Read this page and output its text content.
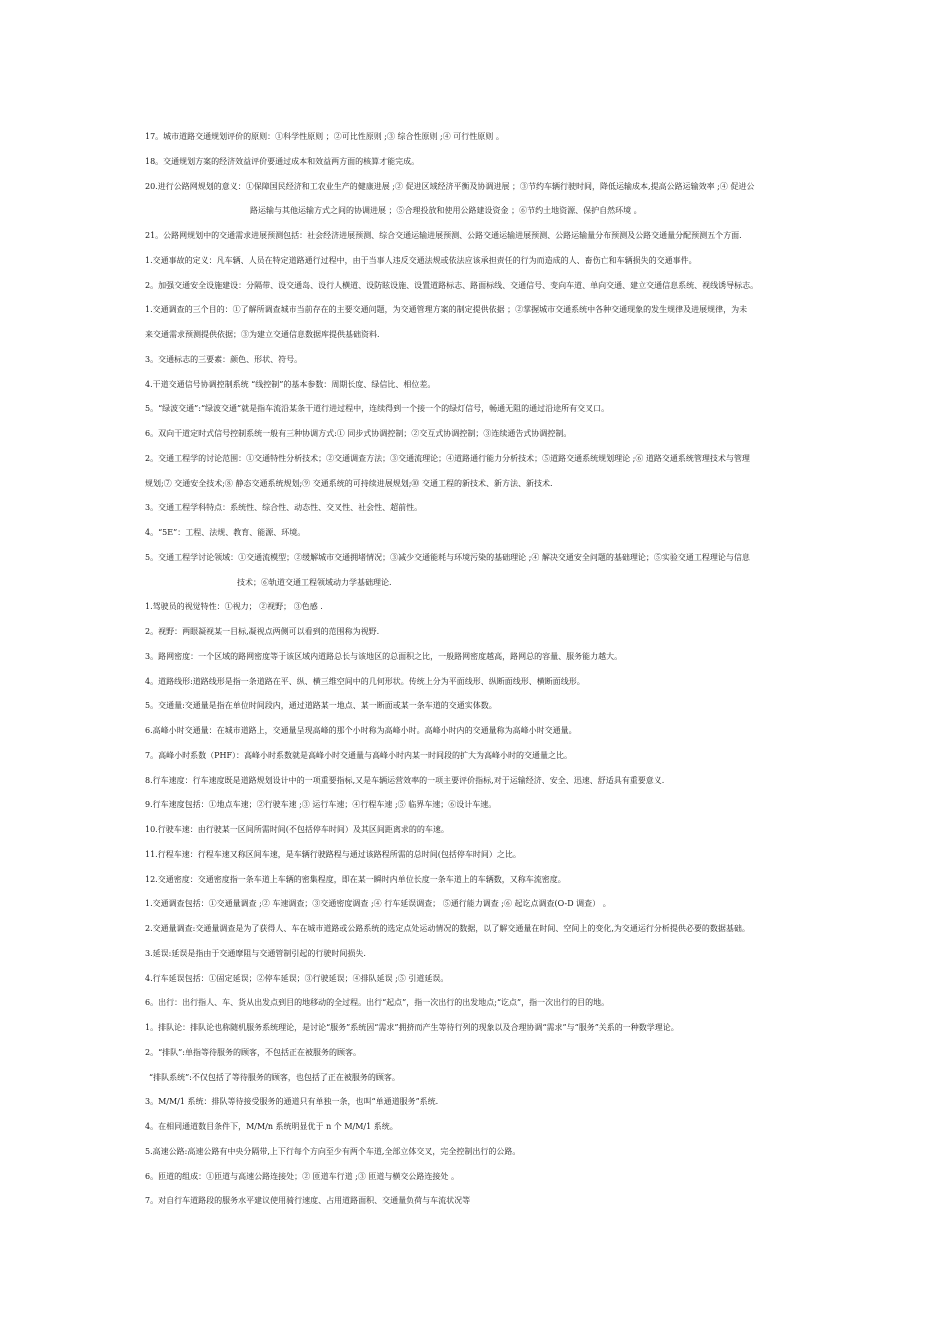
17。城市道路交通规划评价的原则：①科学性原则 ；②可比性原则 ;③ 综合性原则 ;④ 可行性原则 。
18。交通规划方案的经济效益评价要通过成本和效益两方面的核算才能完成。
20.进行公路网规划的意义：①保障国民经济和工农业生产的健康进展 ;② 促进区域经济平衡及协调进展 ；③节约车辆行驶时间，降低运输成本,提高公路运输效率 ;④ 促进公
路运输与其他运输方式之间的协调进展 ；⑤合理投放和使用公路建设资金 ；⑥节约土地资源、保护自然环境 。
21。公路网规划中的交通需求进展预测包括：社会经济进展预测、综合交通运输进展预测、公路交通运输进展预测、公路运输量分布预测及公路交通量分配预测五个方面.
1.交通事故的定义：凡车辆、人员在特定道路通行过程中，由于当事人违反交通法规或依法应该承担责任的行为而造成的人、畜伤亡和车辆损失的交通事件。
2。加强交通安全设施建设：分隔带、设交通岛、设行人横道、设防眩设施、设置道路标志、路面标线、交通信号、变向车道、单向交通、建立交通信息系统、视线诱导标志。
1.交通调查的三个目的：①了解所调查城市当前存在的主要交通问题，为交通管理方案的制定提供依据 ；②掌握城市交通系统中各种交通现象的发生规律及进展规律，为未
来交通需求预测提供依据；③为建立交通信息数据库提供基础资料.
3。交通标志的三要素：颜色、形状、符号。
4.干道交通信号协调控制系统 “线控制”的基本参数：周期长度、绿信比、相位差。
5。“绿波交通”:“绿波交通”就是指车流沿某条干道行进过程中，连续得到一个接一个的绿灯信号，畅通无阻的通过沿途所有交叉口。
6。双向干道定时式信号控制系统一般有三种协调方式:① 同步式协调控制；②交互式协调控制；③连续通告式协调控制。
2。交通工程学的讨论范围：①交通特性分析技术；②交通调查方法；③交通流理论；④道路通行能力分析技术；⑤道路交通系统规划理论 ;⑥ 道路交通系统管理技术与管理
规划;⑦ 交通安全技术;⑧ 静态交通系统规划;⑨ 交通系统的可持续进展规划;⑩ 交通工程的新技术、新方法、新技术.
3。交通工程学科特点：系统性、综合性、动态性、交叉性、社会性、超前性。
4。“5E”：工程、法规、教育、能源、环境。
5。交通工程学讨论领域：①交通流模型；②缓解城市交通拥堵情况；③减少交通能耗与环境污染的基础理论 ;④ 解决交通安全问题的基础理论；⑤实验交通工程理论与信息
技术；⑥轨道交通工程领域动力学基础理论.
1.驾驶员的视觉特性：①视力； ②视野； ③色感 .
2。视野：两眼凝视某一目标,凝视点两侧可以看到的范围称为视野.
3。路网密度：一个区域的路网密度等于该区域内道路总长与该地区的总面积之比，一般路网密度越高，路网总的容量、服务能力越大。
4。道路线形:道路线形是指一条道路在平、纵、横三维空间中的几何形状。传统上分为平面线形、纵断面线形、横断面线形。
5。交通量:交通量是指在单位时间段内，通过道路某一地点、某一断面或某一条车道的交通实体数。
6.高峰小时交通量：在城市道路上，交通量呈现高峰的那个小时称为高峰小时。高峰小时内的交通量称为高峰小时交通量。
7。高峰小时系数（PHF）：高峰小时系数就是高峰小时交通量与高峰小时内某一时间段的扩大为高峰小时的交通量之比。
8.行车速度：行车速度既是道路规划设计中的一项重要指标,又是车辆运营效率的一项主要评价指标,对于运输经济、安全、迅速、舒适具有重要意义.
9.行车速度包括：①地点车速；②行驶车速 ;③ 运行车速；④行程车速 ;⑤ 临界车速；⑥设计车速。
10.行驶车速：由行驶某一区间所需时间(不包括停车时间）及其区间距离求的的车速。
11.行程车速：行程车速又称区间车速，是车辆行驶路程与通过该路程所需的总时间(包括停车时间）之比。
12.交通密度：交通密度指一条车道上车辆的密集程度，即在某一瞬时内单位长度一条车道上的车辆数，又称车流密度。
1.交通调查包括：①交通量调查 ;② 车速调查；③交通密度调查 ;④ 行车延误调查； ⑤通行能力调查 ;⑥ 起讫点调查(O-D 调查） 。
2.交通量调查:交通量调查是为了获得人、车在城市道路或公路系统的选定点处运动情况的数据，以了解交通量在时间、空间上的变化,为交通运行分析提供必要的数据基础。
3.延误:延误是指由于交通摩阻与交通管制引起的行驶时间损失.
4.行车延误包括：①固定延误；②停车延误；③行驶延误；④排队延误 ;⑤ 引道延误。
6。出行：出行指人、车、货从出发点到目的地移动的全过程。出行“起点”，指一次出行的出发地点;“讫点”，指一次出行的目的地。
1。排队论：排队论也称随机服务系统理论，是讨论“服务”系统因“需求”拥挤而产生等待行列的现象以及合理协调“需求”与“服务”关系的一种数学理论。
2。“排队”:单指等待服务的顾客，不包括正在被服务的顾客。
“排队系统”:不仅包括了等待服务的顾客，也包括了正在被服务的顾客。
3。M/M/1 系统：排队等待接受服务的通道只有单独一条，也叫“单通道服务”系统.
4。在相同通道数目条件下，M/M/n 系统明显优于 n 个 M/M/1 系统。
5.高速公路:高速公路有中央分隔带,上下行每个方向至少有两个车道,全部立体交叉，完全控制出行的公路。
6。匝道的组成：①匝道与高速公路连接处；② 匝道车行道 ;③ 匝道与横交公路连接处 。
7。对自行车道路段的服务水平建议使用骑行速度、占用道路面积、交通量负荷与车流状况等
